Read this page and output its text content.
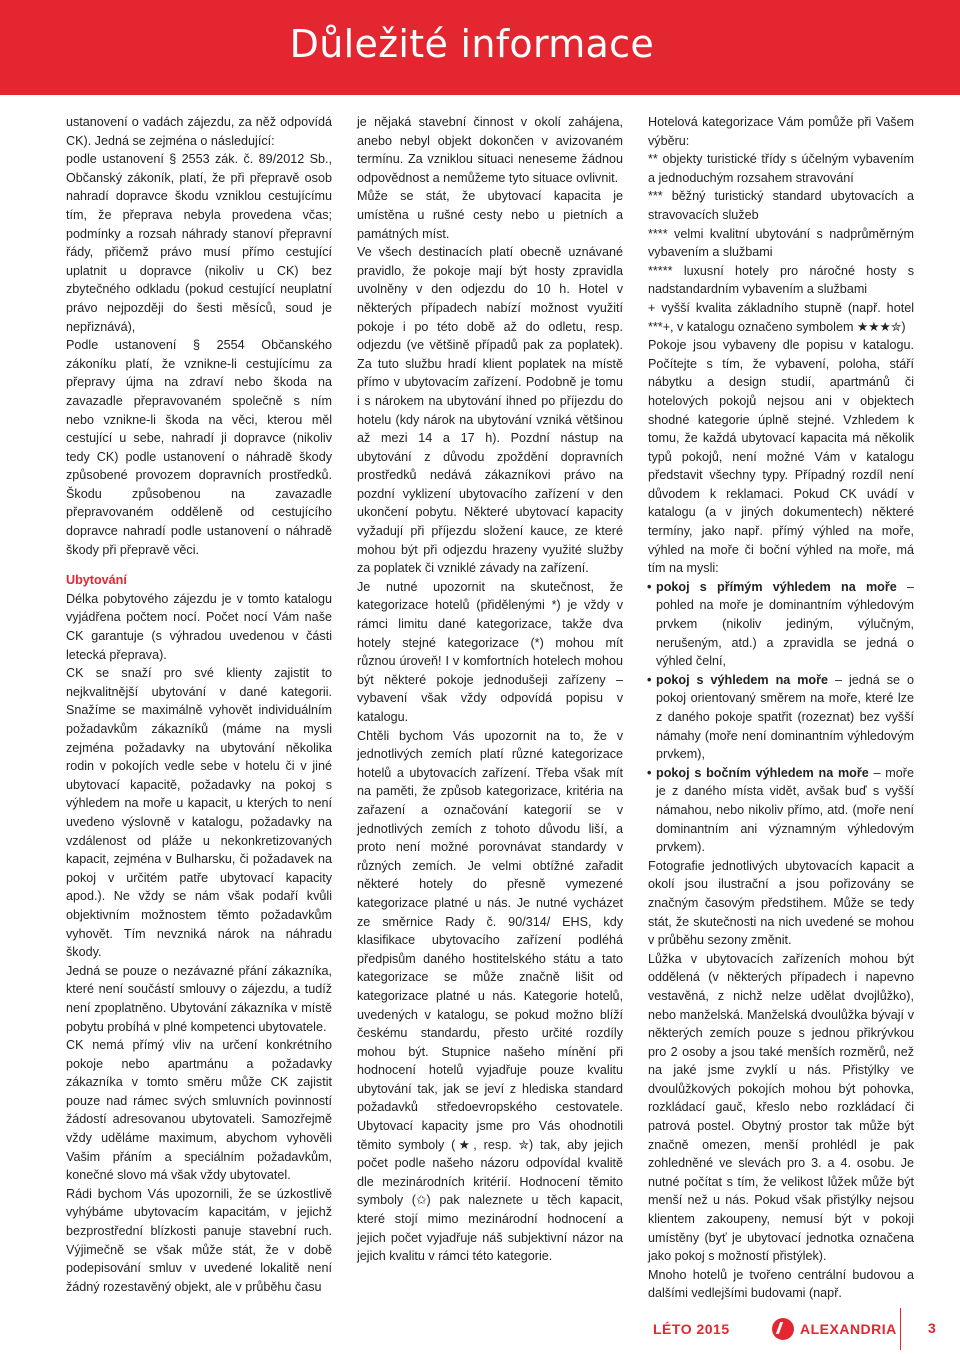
Důležité informace

ustanovení o vadách zájezdu, za něž odpovídá CK). Jedná se zejména o následující:

podle ustanovení § 2553 zák. č. 89/2012 Sb., Občanský zákoník, platí, že při přepravě osob nahradí dopravce škodu vzniklou cestujícímu tím, že přeprava nebyla provedena včas; podmínky a rozsah náhrady stanoví přepravní řády, přičemž právo musí přímo cestující uplatnit u dopravce (nikoliv u CK) bez zbytečného odkladu (pokud cestující neuplatní právo nejpozději do šesti měsíců, soud je nepřiznává),

Podle ustanovení § 2554 Občanského zákoníku platí, že vznikne-li cestujícímu za přepravy újma na zdraví nebo škoda na zavazadle přepravovaném společně s ním nebo vznikne-li škoda na věci, kterou měl cestující u sebe, nahradí ji dopravce (nikoliv tedy CK) podle ustanovení o náhradě škody způsobené provozem dopravních prostředků. Škodu způsobenou na zavazadle přepravovaném odděleně od cestujícího dopravce nahradí podle ustanovení o náhradě škody při přepravě věci.

Ubytování

Délka pobytového zájezdu je v tomto katalogu vyjádřena počtem nocí. Počet nocí Vám naše CK garantuje (s výhradou uvedenou v části letecká přeprava).

CK se snaží pro své klienty zajistit to nejkvalitnější ubytování v dané kategorii. Snažíme se maximálně vyhovět individuálním požadavkům zákazníků (máme na mysli zejména požadavky na ubytování několika rodin v pokojích vedle sebe v hotelu či v jiné ubytovací kapacitě, požadavky na pokoj s výhledem na moře u kapacit, u kterých to není uvedeno výslovně v katalogu, požadavky na vzdálenost od pláže u nekonkretizovaných kapacit, zejména v Bulharsku, či požadavek na pokoj v určitém patře ubytovací kapacity apod.). Ne vždy se nám však podaří kvůli objektivním možnostem těmto požadavkům vyhovět. Tím nevzniká nárok na náhradu škody.

Jedná se pouze o nezávazné přání zákazníka, které není součástí smlouvy o zájezdu, a tudíž není zpoplatněno. Ubytování zákazníka v místě pobytu probíhá v plné kompetenci ubytovatele.

CK nemá přímý vliv na určení konkrétního pokoje nebo apartmánu a požadavky zákazníka v tomto směru může CK zajistit pouze nad rámec svých smluvních povinností žádostí adresovanou ubytovateli. Samozřejmě vždy uděláme maximum, abychom vyhověli Vašim přáním a speciálním požadavkům, konečné slovo má však vždy ubytovatel.

Rádi bychom Vás upozornili, že se úzkostlivě vyhýbáme ubytovacím kapacitám, v jejichž bezprostřední blízkosti panuje stavební ruch. Výjimečně se však může stát, že v době podepisování smluv v uvedené lokalitě není žádný rozestavěný objekt, ale v průběhu času

je nějaká stavební činnost v okolí zahájena, anebo nebyl objekt dokončen v avizovaném termínu. Za vzniklou situaci neneseme žádnou odpovědnost a nemůžeme tyto situace ovlivnit.

Může se stát, že ubytovací kapacita je umístěna u rušné cesty nebo u pietních a památných míst.

Ve všech destinacích platí obecně uznávané pravidlo, že pokoje mají být hosty zpravidla uvolněny v den odjezdu do 10 h. Hotel v některých případech nabízí možnost využití pokoje i po této době až do odletu, resp. odjezdu (ve většině případů pak za poplatek). Za tuto službu hradí klient poplatek na místě přímo v ubytovacím zařízení. Podobně je tomu i s nárokem na ubytování ihned po příjezdu do hotelu (kdy nárok na ubytování vzniká většinou až mezi 14 a 17 h). Pozdní nástup na ubytování z důvodu zpoždění dopravních prostředků nedává zákazníkovi právo na pozdní vyklizení ubytovacího zařízení v den ukončení pobytu. Některé ubytovací kapacity vyžadují při příjezdu složení kauce, ze které mohou být při odjezdu hrazeny využité služby za poplatek či vzniklé závady na zařízení.

Je nutné upozornit na skutečnost, že kategorizace hotelů (přidělenými *) je vždy v rámci limitu dané kategorizace, takže dva hotely stejné kategorizace (*) mohou mít různou úroveň! I v komfortních hotelech mohou být některé pokoje jednodušeji zařízeny – vybavení však vždy odpovídá popisu v katalogu.

Chtěli bychom Vás upozornit na to, že v jednotlivých zemích platí různé kategorizace hotelů a ubytovacích zařízení. Třeba však mít na paměti, že způsob kategorizace, kritéria na zařazení a označování kategorií se v jednotlivých zemích z tohoto důvodu liší, a proto není možné porovnávat standardy v různých zemích. Je velmi obtížné zařadit některé hotely do přesně vymezené kategorizace platné u nás. Je nutné vycházet ze směrnice Rady č. 90/314/ EHS, kdy klasifikace ubytovacího zařízení podléhá předpisům daného hostitelského státu a tato kategorizace se může značně lišit od kategorizace platné u nás. Kategorie hotelů, uvedených v katalogu, se pokud možno blíží českému standardu, přesto určité rozdíly mohou být. Stupnice našeho mínění při hodnocení hotelů vyjadřuje pouze kvalitu ubytování tak, jak se jeví z hlediska standard požadavků středoevropského cestovatele. Ubytovací kapacity jsme pro Vás ohodnotili těmito symboly (★, resp. ✮) tak, aby jejich počet podle našeho názoru odpovídal kvalitě dle mezinárodních kritérií. Hodnocení těmito symboly (✩) pak naleznete u těch kapacit, které stojí mimo mezinárodní hodnocení a jejich počet vyjadřuje náš subjektivní názor na jejich kvalitu v rámci této kategorie.

Hotelová kategorizace Vám pomůže při Vašem výběru:

** objekty turistické třídy s účelným vybavením a jednoduchým rozsahem stravování

*** běžný turistický standard ubytovacích a stravovacích služeb

**** velmi kvalitní ubytování s nadprůměrným vybavením a službami

***** luxusní hotely pro náročné hosty s nadstandardním vybavením a službami

+ vyšší kvalita základního stupně (např. hotel ***+, v katalogu označeno symbolem ★★★✮)

Pokoje jsou vybaveny dle popisu v katalogu. Počítejte s tím, že vybavení, poloha, stáří nábytku a design studií, apartmánů či hotelových pokojů nejsou ani v objektech shodné kategorie úplně stejné. Vzhledem k tomu, že každá ubytovací kapacita má několik typů pokojů, není možné Vám v katalogu představit všechny typy. Případný rozdíl není důvodem k reklamaci. Pokud CK uvádí v katalogu (a v jiných dokumentech) některé termíny, jako např. přímý výhled na moře, výhled na moře či boční výhled na moře, má tím na mysli:

• pokoj s přímým výhledem na moře – pohled na moře je dominantním výhledovým prvkem (nikoliv jediným, výlučným, nerušeným, atd.) a zpravidla se jedná o výhled čelní,
• pokoj s výhledem na moře – jedná se o pokoj orientovaný směrem na moře, které lze z daného pokoje spatřit (rozeznat) bez vyšší námahy (moře není dominantním výhledovým prvkem),
• pokoj s bočním výhledem na moře – moře je z daného místa vidět, avšak buď s vyšší námahou, nebo nikoliv přímo, atd. (moře není dominantním ani významným výhledovým prvkem).

Fotografie jednotlivých ubytovacích kapacit a okolí jsou ilustrační a jsou pořizovány se značným časovým předstihem. Může se tedy stát, že skutečnosti na nich uvedené se mohou v průběhu sezony změnit.

Lůžka v ubytovacích zařízeních mohou být oddělená (v některých případech i napevno vestavěná, z nichž nelze udělat dvojlůžko), nebo manželská. Manželská dvoulůžka bývají v některých zemích pouze s jednou přikrývkou pro 2 osoby a jsou také menších rozměrů, než na jaké jsme zvyklí u nás. Přistýlky ve dvoulůžkových pokojích mohou být pohovka, rozkládací gauč, křeslo nebo rozkládací či patrová postel. Obytný prostor tak může být značně omezen, menší prohlédl je pak zohledněné ve slevách pro 3. a 4. osobu. Je nutné počítat s tím, že velikost lůžek může být menší než u nás. Pokud však přistýlky nejsou klientem zakoupeny, nemusí být v pokoji umístěny (byť je ubytovací jednotka označena jako pokoj s možností přistýlek).

Mnoho hotelů je tvořeno centrální budovou a dalšími vedlejšími budovami (např.

LÉTO 2015	ALEXANDRIA 3
